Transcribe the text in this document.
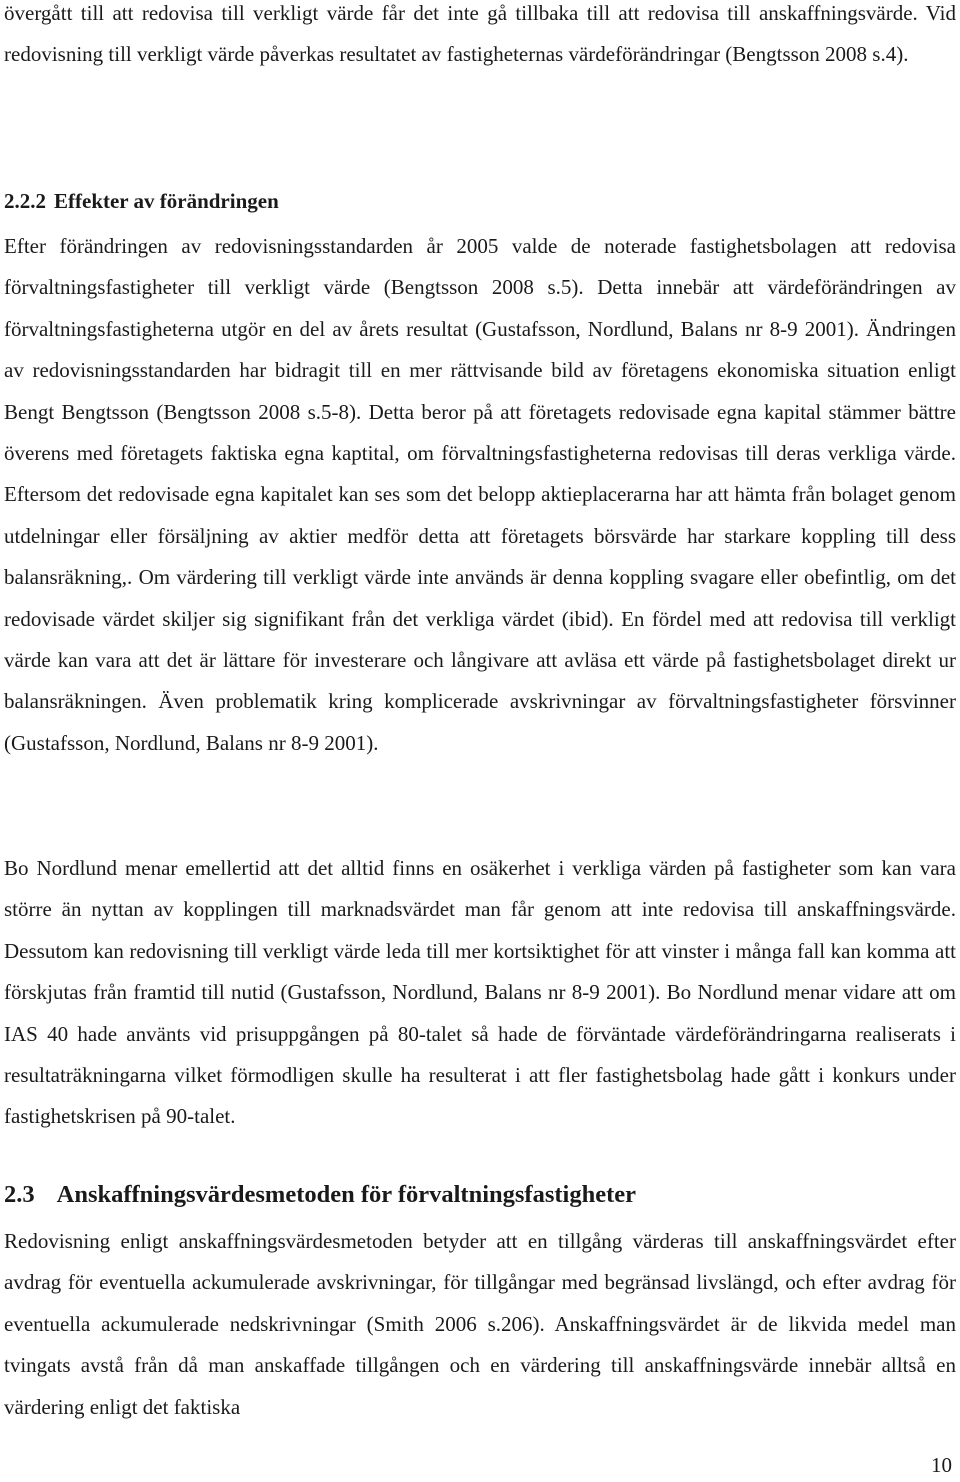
övergått till att redovisa till verkligt värde får det inte gå tillbaka till att redovisa till anskaffningsvärde. Vid redovisning till verkligt värde påverkas resultatet av fastigheternas värdeförändringar (Bengtsson 2008 s.4).

2.2.2 Effekter av förändringen

Efter förändringen av redovisningsstandarden år 2005 valde de noterade fastighetsbolagen att redovisa förvaltningsfastigheter till verkligt värde (Bengtsson 2008 s.5). Detta innebär att värdeförändringen av förvaltningsfastigheterna utgör en del av årets resultat (Gustafsson, Nordlund, Balans nr 8-9 2001). Ändringen av redovisningsstandarden har bidragit till en mer rättvisande bild av företagens ekonomiska situation enligt Bengt Bengtsson (Bengtsson 2008 s.5-8). Detta beror på att företagets redovisade egna kapital stämmer bättre överens med företagets faktiska egna kaptital, om förvaltningsfastigheterna redovisas till deras verkliga värde. Eftersom det redovisade egna kapitalet kan ses som det belopp aktieplacerarna har att hämta från bolaget genom utdelningar eller försäljning av aktier medför detta att företagets börsvärde har starkare koppling till dess balansräkning,. Om värdering till verkligt värde inte används är denna koppling svagare eller obefintlig, om det redovisade värdet skiljer sig signifikant från det verkliga värdet (ibid). En fördel med att redovisa till verkligt värde kan vara att det är lättare för investerare och långivare att avläsa ett värde på fastighetsbolaget direkt ur balansräkningen. Även problematik kring komplicerade avskrivningar av förvaltningsfastigheter försvinner (Gustafsson, Nordlund, Balans nr 8-9 2001).

Bo Nordlund menar emellertid att det alltid finns en osäkerhet i verkliga värden på fastigheter som kan vara större än nyttan av kopplingen till marknadsvärdet man får genom att inte redovisa till anskaffningsvärde. Dessutom kan redovisning till verkligt värde leda till mer kortsiktighet för att vinster i många fall kan komma att förskjutas från framtid till nutid (Gustafsson, Nordlund, Balans nr 8-9 2001). Bo Nordlund menar vidare att om IAS 40 hade använts vid prisuppgången på 80-talet så hade de förväntade värdeförändringarna realiserats i resultaträkningarna vilket förmodligen skulle ha resulterat i att fler fastighetsbolag hade gått i konkurs under fastighetskrisen på 90-talet.

2.3 Anskaffningsvärdesmetoden för förvaltningsfastigheter

Redovisning enligt anskaffningsvärdesmetoden betyder att en tillgång värderas till anskaffningsvärdet efter avdrag för eventuella ackumulerade avskrivningar, för tillgångar med begränsad livslängd, och efter avdrag för eventuella ackumulerade nedskrivningar (Smith 2006 s.206). Anskaffningsvärdet är de likvida medel man tvingats avstå från då man anskaffade tillgången och en värdering till anskaffningsvärde innebär alltså en värdering enligt det faktiska

10
